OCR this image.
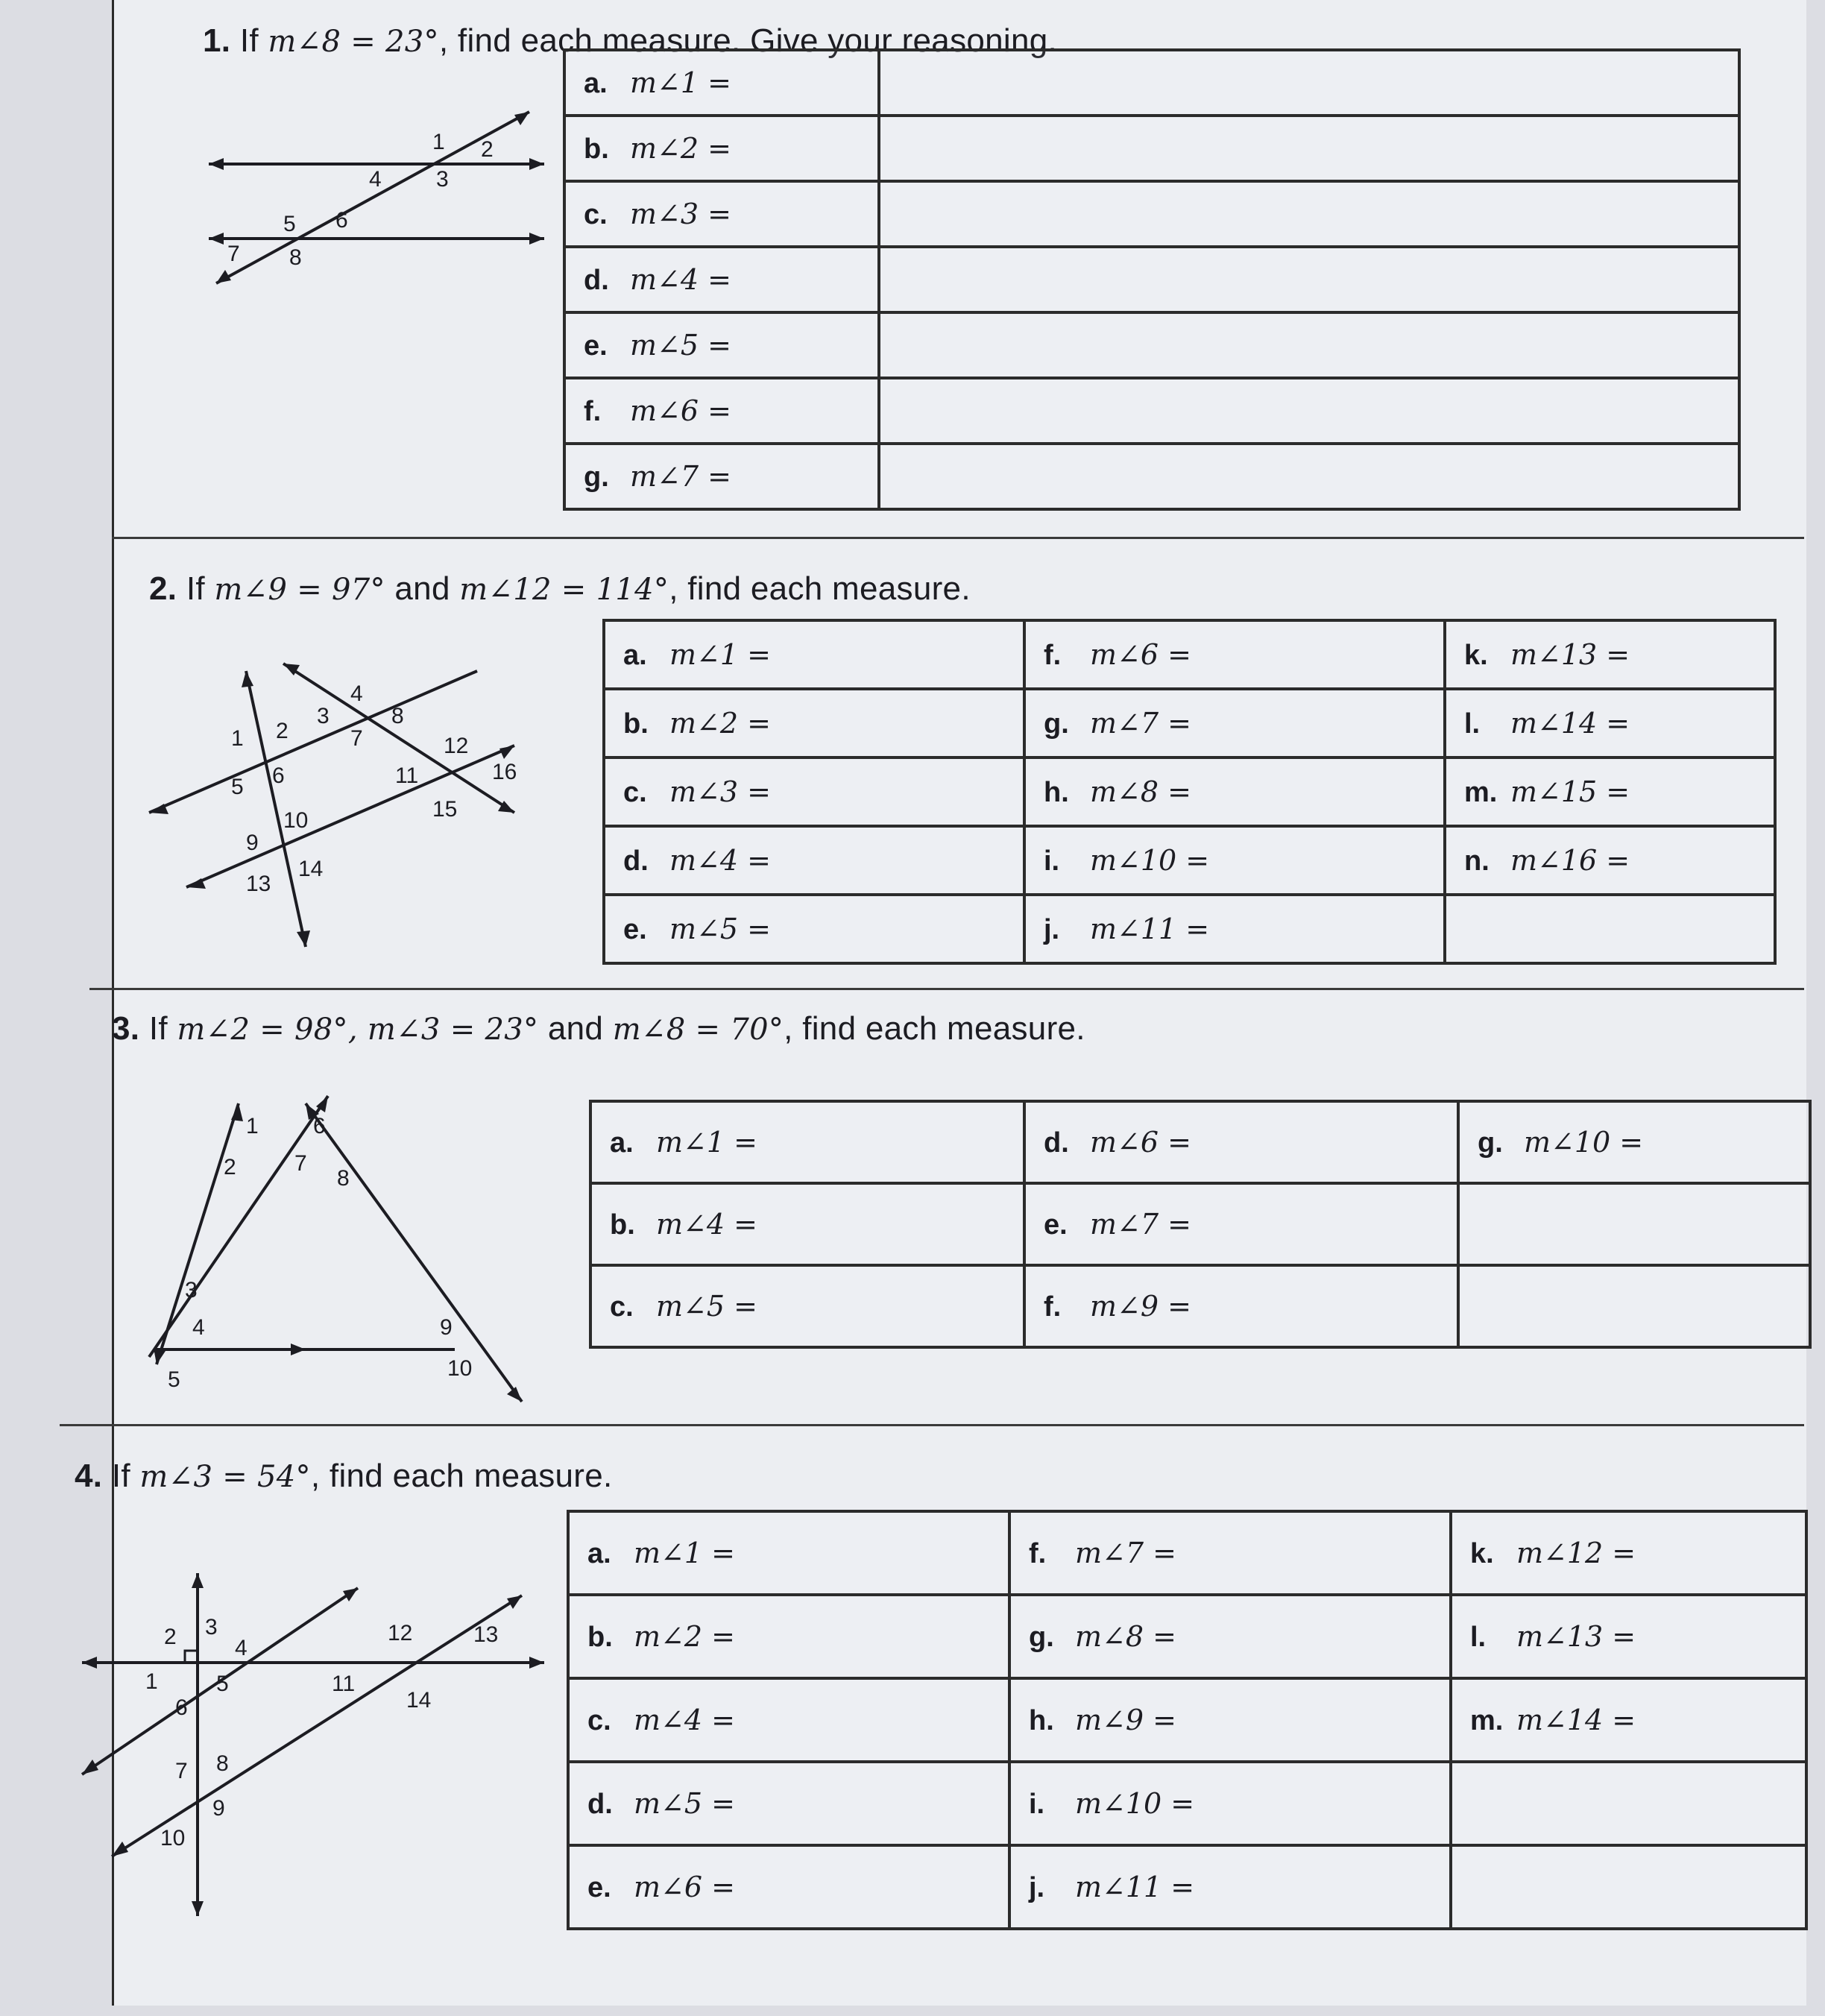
1. If m∠8 = 23°, find each measure. Give your reasoning.
1 2
3
4
5 6
7 8
a. m∠1 =	
b. m∠2 =	
c. m∠3 =	
d. m∠4 =	
e. m∠5 =	
f. m∠6 =	
g. m∠7 =	
2. If m∠9 = 97° and m∠12 = 114°, find each measure.
1 2
3
4
5 6
7
8
9
10
11
12
13
14
15
16
a. m∠1 =	f. m∠6 =	k. m∠13 =
b. m∠2 =	g. m∠7 =	l. m∠14 =
c. m∠3 =	h. m∠8 =	m. m∠15 =
d. m∠4 =	i. m∠10 =	n. m∠16 =
e. m∠5 =	j. m∠11 =	
3. If m∠2 = 98°, m∠3 = 23° and m∠8 = 70°, find each measure.
1
2
3
4
5
6
7
8
9
10
a. m∠1 =	d. m∠6 =	g. m∠10 =
b. m∠4 =	e. m∠7 =	
c. m∠5 =	f. m∠9 =	
4. If m∠3 = 54°, find each measure.
1
2 3
4
5
6
7 8
9
10
11
12	13
14
a. m∠1 =	f. m∠7 =	k. m∠12 =
b. m∠2 =	g. m∠8 =	l. m∠13 =
c. m∠4 =	h. m∠9 =	m. m∠14 =
d. m∠5 =	i. m∠10 =	
e. m∠6 =	j. m∠11 =	
